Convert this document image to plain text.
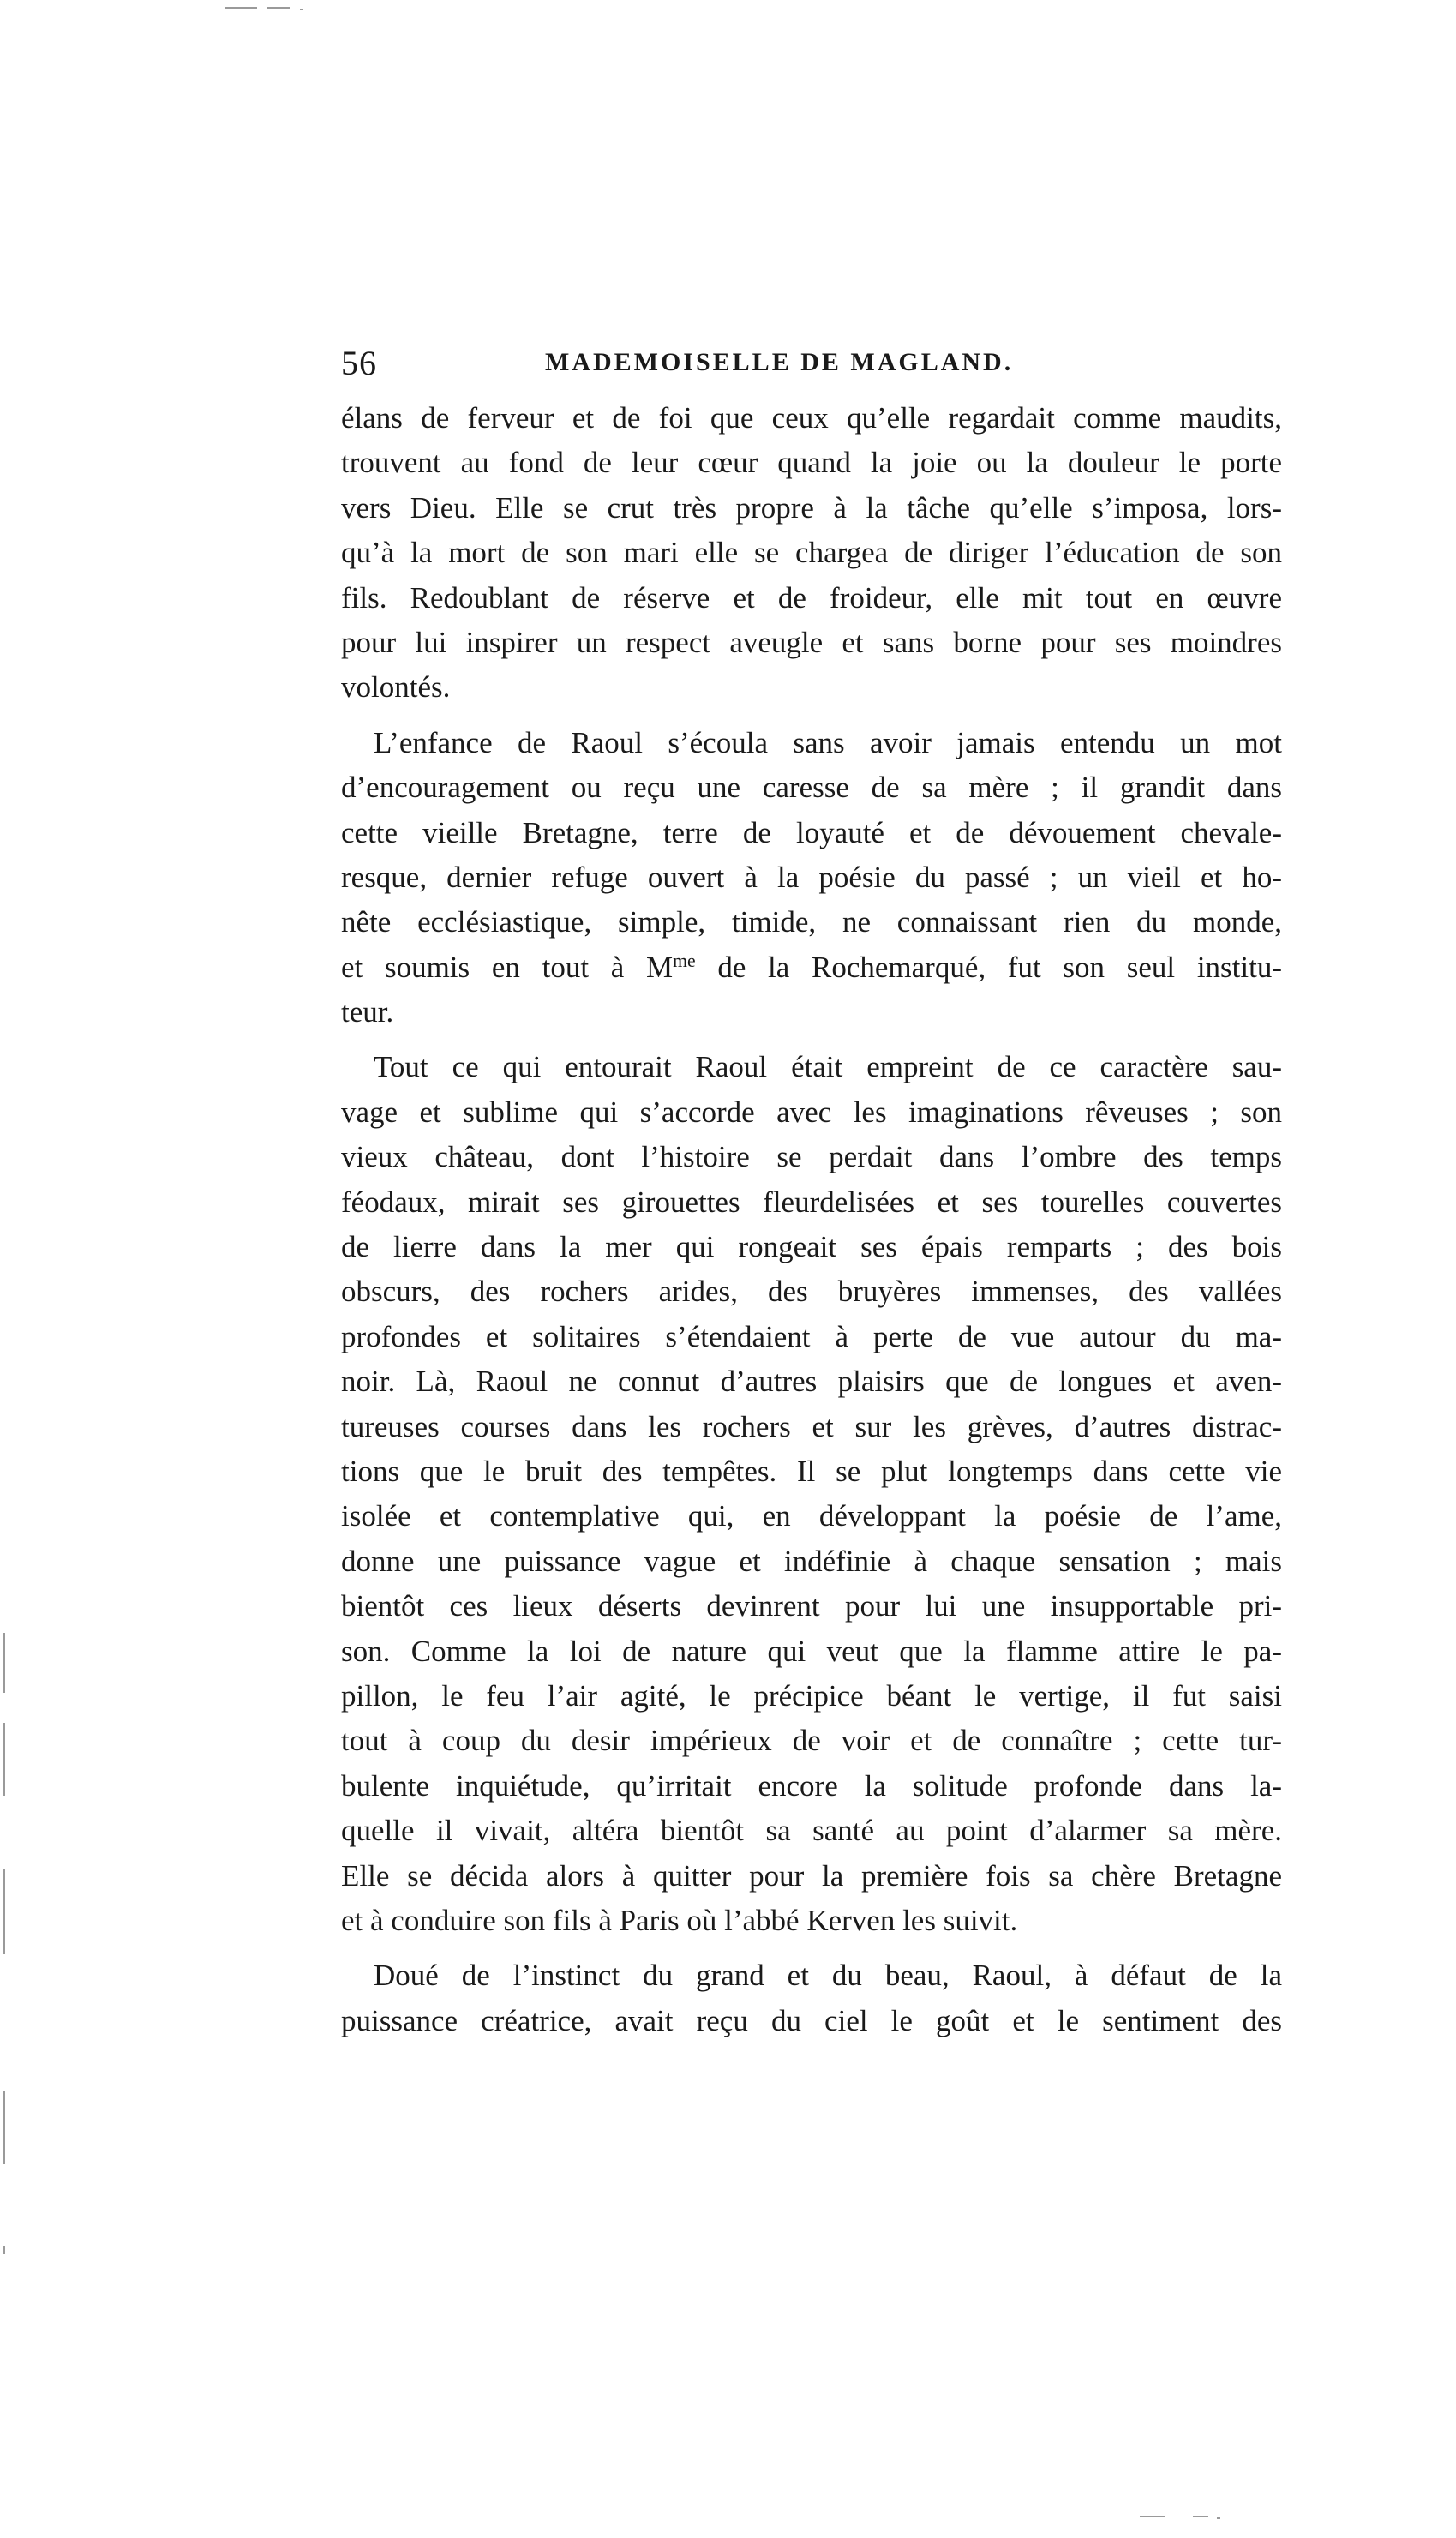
56	MADEMOISELLE DE MAGLAND.
élans de ferveur et de foi que ceux qu’elle regardait comme maudits,
trouvent au fond de leur cœur quand la joie ou la douleur le porte
vers Dieu. Elle se crut très propre à la tâche qu’elle s’imposa, lors-
qu’à la mort de son mari elle se chargea de diriger l’éducation de son
fils. Redoublant de réserve et de froideur, elle mit tout en œuvre
pour lui inspirer un respect aveugle et sans borne pour ses moindres
volontés.
L’enfance de Raoul s’écoula sans avoir jamais entendu un mot
d’encouragement ou reçu une caresse de sa mère ; il grandit dans
cette vieille Bretagne, terre de loyauté et de dévouement chevale-
resque, dernier refuge ouvert à la poésie du passé ; un vieil et ho-
nête ecclésiastique, simple, timide, ne connaissant rien du monde,
et soumis en tout à $M^{me}$ de la Rochemarqué, fut son seul institu-
teur.
Tout ce qui entourait Raoul était empreint de ce caractère sau-
vage et sublime qui s’accorde avec les imaginations rêveuses ; son
vieux château, dont l’histoire se perdait dans l’ombre des temps
féodaux, mirait ses girouettes fleurdelisées et ses tourelles couvertes
de lierre dans la mer qui rongeait ses épais remparts ; des bois
obscurs, des rochers arides, des bruyères immenses, des vallées
profondes et solitaires s’étendaient à perte de vue autour du ma-
noir. Là, Raoul ne connut d’autres plaisirs que de longues et aven-
tureuses courses dans les rochers et sur les grèves, d’autres distrac-
tions que le bruit des tempêtes. Il se plut longtemps dans cette vie
isolée et contemplative qui, en développant la poésie de l’ame,
donne une puissance vague et indéfinie à chaque sensation ; mais
bientôt ces lieux déserts devinrent pour lui une insupportable pri-
son. Comme la loi de nature qui veut que la flamme attire le pa-
pillon, le feu l’air agité, le précipice béant le vertige, il fut saisi
tout à coup du desir impérieux de voir et de connaître ; cette tur-
bulente inquiétude, qu’irritait encore la solitude profonde dans la-
quelle il vivait, altéra bientôt sa santé au point d’alarmer sa mère.
Elle se décida alors à quitter pour la première fois sa chère Bretagne
et à conduire son fils à Paris où l’abbé Kerven les suivit.
Doué de l’instinct du grand et du beau, Raoul, à défaut de la
puissance créatrice, avait reçu du ciel le goût et le sentiment des
